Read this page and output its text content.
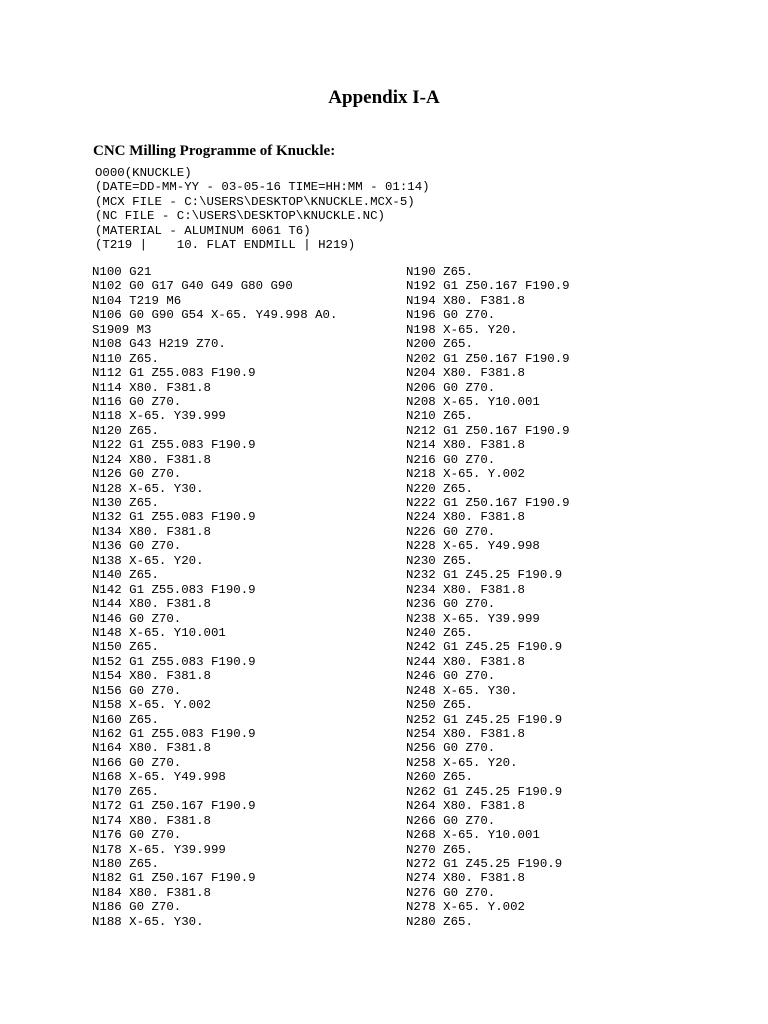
Appendix I-A
CNC Milling Programme of Knuckle:
O000(KNUCKLE)
(DATE=DD-MM-YY - 03-05-16 TIME=HH:MM - 01:14)
(MCX FILE - C:\USERS\DESKTOP\KNUCKLE.MCX-5)
(NC FILE - C:\USERS\DESKTOP\KNUCKLE.NC)
(MATERIAL - ALUMINUM 6061 T6)
(T219 |    10. FLAT ENDMILL | H219)
N100 G21
N102 G0 G17 G40 G49 G80 G90
N104 T219 M6
N106 G0 G90 G54 X-65. Y49.998 A0.
S1909 M3
N108 G43 H219 Z70.
N110 Z65.
N112 G1 Z55.083 F190.9
N114 X80. F381.8
N116 G0 Z70.
N118 X-65. Y39.999
N120 Z65.
N122 G1 Z55.083 F190.9
N124 X80. F381.8
N126 G0 Z70.
N128 X-65. Y30.
N130 Z65.
N132 G1 Z55.083 F190.9
N134 X80. F381.8
N136 G0 Z70.
N138 X-65. Y20.
N140 Z65.
N142 G1 Z55.083 F190.9
N144 X80. F381.8
N146 G0 Z70.
N148 X-65. Y10.001
N150 Z65.
N152 G1 Z55.083 F190.9
N154 X80. F381.8
N156 G0 Z70.
N158 X-65. Y.002
N160 Z65.
N162 G1 Z55.083 F190.9
N164 X80. F381.8
N166 G0 Z70.
N168 X-65. Y49.998
N170 Z65.
N172 G1 Z50.167 F190.9
N174 X80. F381.8
N176 G0 Z70.
N178 X-65. Y39.999
N180 Z65.
N182 G1 Z50.167 F190.9
N184 X80. F381.8
N186 G0 Z70.
N188 X-65. Y30.
N190 Z65.
N192 G1 Z50.167 F190.9
N194 X80. F381.8
N196 G0 Z70.
N198 X-65. Y20.
N200 Z65.
N202 G1 Z50.167 F190.9
N204 X80. F381.8
N206 G0 Z70.
N208 X-65. Y10.001
N210 Z65.
N212 G1 Z50.167 F190.9
N214 X80. F381.8
N216 G0 Z70.
N218 X-65. Y.002
N220 Z65.
N222 G1 Z50.167 F190.9
N224 X80. F381.8
N226 G0 Z70.
N228 X-65. Y49.998
N230 Z65.
N232 G1 Z45.25 F190.9
N234 X80. F381.8
N236 G0 Z70.
N238 X-65. Y39.999
N240 Z65.
N242 G1 Z45.25 F190.9
N244 X80. F381.8
N246 G0 Z70.
N248 X-65. Y30.
N250 Z65.
N252 G1 Z45.25 F190.9
N254 X80. F381.8
N256 G0 Z70.
N258 X-65. Y20.
N260 Z65.
N262 G1 Z45.25 F190.9
N264 X80. F381.8
N266 G0 Z70.
N268 X-65. Y10.001
N270 Z65.
N272 G1 Z45.25 F190.9
N274 X80. F381.8
N276 G0 Z70.
N278 X-65. Y.002
N280 Z65.
